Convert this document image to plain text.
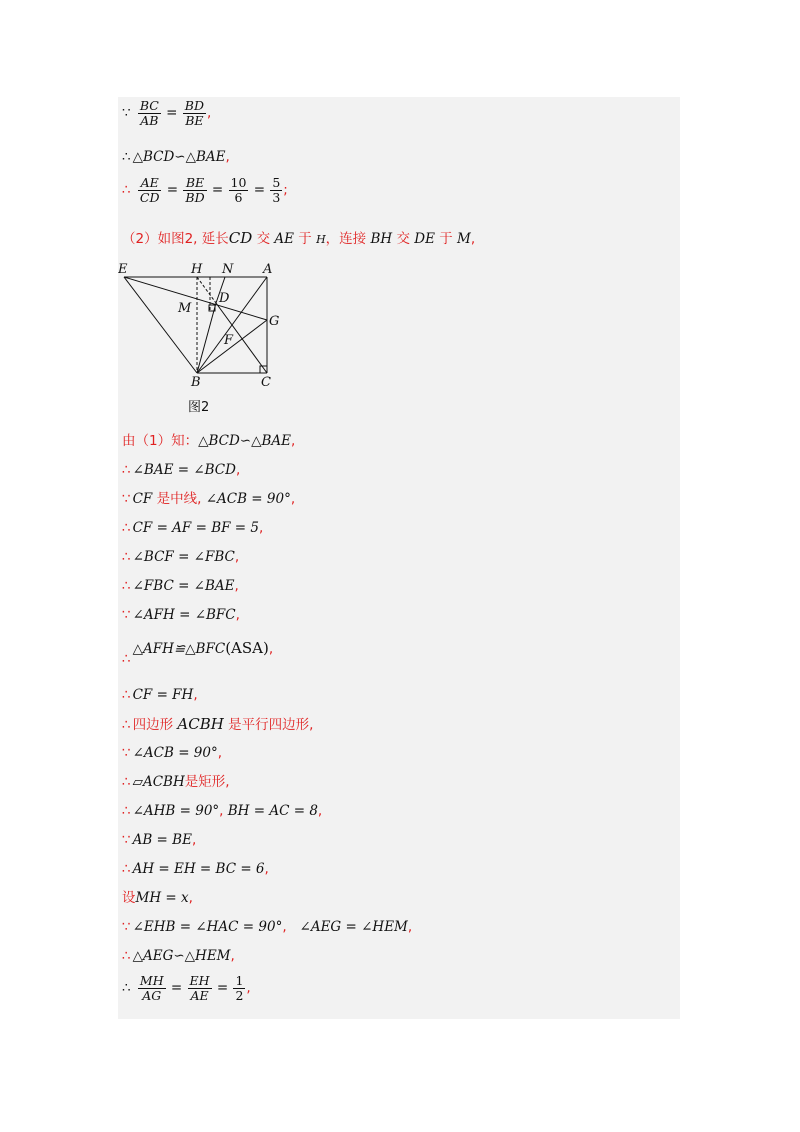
∵ $\frac{BC}{AB} = \frac{BD}{BE}$ ,
∴ △BCD∽△BAE,
∴ $\frac{AE}{CD} = \frac{BE}{BD} = \frac{10}{6} = \frac{5}{3}$ ;
（2）如图2, 延长CD 交 AE 于 H，连接 BH 交 DE 于 M,
E	H N A
D
M
G
F
B	C
图2
由（1）知：△BCD∽△BAE,
∴ ∠BAE = ∠BCD,
∵ CF 是中线, ∠ACB = 90°,
∴ CF = AF = BF = 5,
∴ ∠BCF = ∠FBC,
∴ ∠FBC = ∠BAE,
∵ ∠AFH = ∠BFC,
∴△AFH≌△BFC(ASA),
∴ CF = FH,
∴ 四边形 ACBH 是平行四边形,
∵ ∠ACB = 90°,
∴ ▱ACBH是矩形,
∴ ∠AHB = 90°, BH = AC = 8,
∵ AB = BE,
∴ AH = EH = BC = 6,
设MH = x,
∵ ∠EHB = ∠HAC = 90°, ∠AEG = ∠HEM,
∴ △AEG∽△HEM,
∴ $\frac{MH}{AG} = \frac{EH}{AE} = \frac{1}{2}$ ,
